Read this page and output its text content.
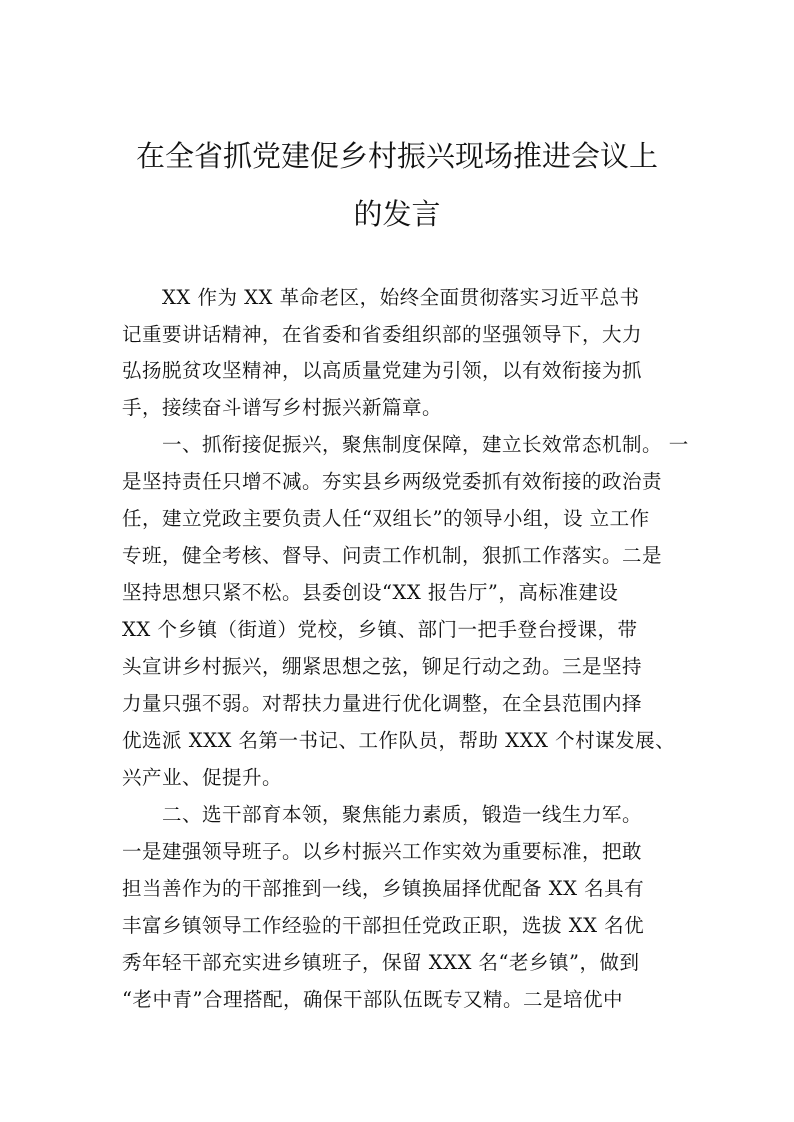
在全省抓党建促乡村振兴现场推进会议上
的发言
XX 作为 XX 革命老区，始终全面贯彻落实习近平总书
记重要讲话精神，在省委和省委组织部的坚强领导下，大力
弘扬脱贫攻坚精神，以高质量党建为引领，以有效衔接为抓
手，接续奋斗谱写乡村振兴新篇章。
一、抓衔接促振兴，聚焦制度保障，建立长效常态机制。 一
是坚持责任只增不减。夯实县乡两级党委抓有效衔接的政治责
任，建立党政主要负责人任“双组长”的领导小组，设 立工作
专班，健全考核、督导、问责工作机制，狠抓工作落实。二是
坚持思想只紧不松。县委创设“XX 报告厅”，高标准建设
XX 个乡镇（街道）党校，乡镇、部门一把手登台授课，带
头宣讲乡村振兴，绷紧思想之弦，铆足行动之劲。三是坚持
力量只强不弱。对帮扶力量进行优化调整，在全县范围内择
优选派 XXX 名第一书记、工作队员，帮助 XXX 个村谋发展、
兴产业、促提升。
二、选干部育本领，聚焦能力素质，锻造一线生力军。
一是建强领导班子。以乡村振兴工作实效为重要标准，把敢
担当善作为的干部推到一线，乡镇换届择优配备 XX 名具有
丰富乡镇领导工作经验的干部担任党政正职，选拔 XX 名优
秀年轻干部充实进乡镇班子，保留 XXX 名“老乡镇”，做到
“老中青”合理搭配，确保干部队伍既专又精。二是培优中
